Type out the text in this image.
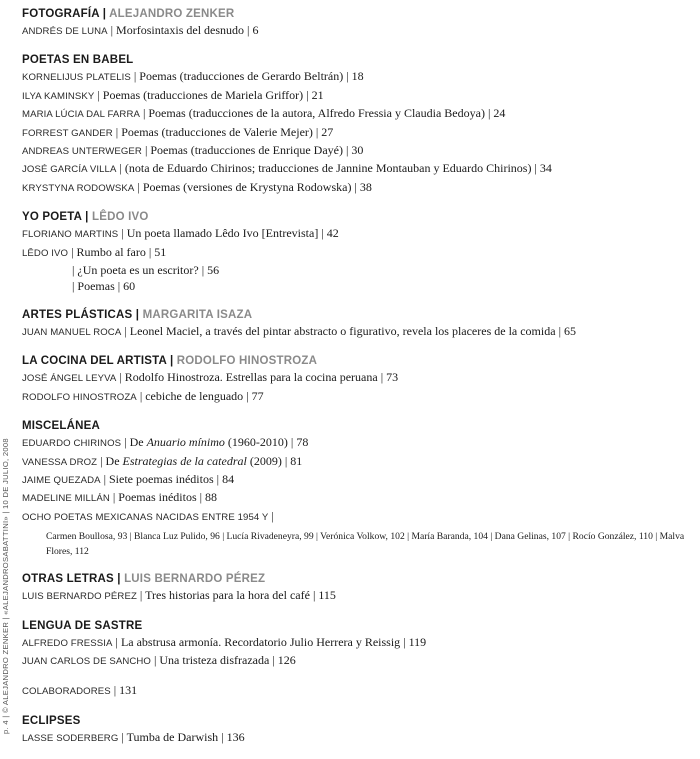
FOTOGRAFÍA | ALEJANDRO ZENKER
ANDRÉS DE LUNA | Morfosintaxis del desnudo | 6
POETAS EN BABEL
KORNELIJUS PLATELIS | Poemas (traducciones de Gerardo Beltrán) | 18
ILYA KAMINSKY | Poemas (traducciones de Mariela Griffor) | 21
MARIA LÚCIA DAL FARRA | Poemas (traducciones de la autora, Alfredo Fressia y Claudia Bedoya) | 24
FORREST GANDER | Poemas (traducciones de Valerie Mejer) | 27
ANDREAS UNTERWEGER | Poemas (traducciones de Enrique Dayé) | 30
JOSÉ GARCÍA VILLA | (nota de Eduardo Chirinos; traducciones de Jannine Montauban y Eduardo Chirinos) | 34
KRYSTYNA RODOWSKA | Poemas (versiones de Krystyna Rodowska) | 38
YO POETA | LÊDO IVO
FLORIANO MARTINS | Un poeta llamado Lêdo Ivo [Entrevista] | 42
LÊDO IVO | Rumbo al faro | 51
| ¿Un poeta es un escritor? | 56
| Poemas | 60
ARTES PLÁSTICAS | MARGARITA ISAZA
JUAN MANUEL ROCA | Leonel Maciel, a través del pintar abstracto o figurativo, revela los placeres de la comida | 65
LA COCINA DEL ARTISTA | RODOLFO HINOSTROZA
JOSÉ ÁNGEL LEYVA | Rodolfo Hinostroza. Estrellas para la cocina peruana | 73
RODOLFO HINOSTROZA | cebiche de lenguado | 77
MISCELÁNEA
EDUARDO CHIRINOS | De Anuario mínimo (1960-2010) | 78
VANESSA DROZ | De Estrategias de la catedral (2009) | 81
JAIME QUEZADA | Siete poemas inéditos | 84
MADELINE MILLÁN | Poemas inéditos | 88
OCHO POETAS MEXICANAS NACIDAS ENTRE 1954 Y |
Carmen Boullosa, 93 | Blanca Luz Pulido, 96 | Lucía Rivadeneyra, 99 | Verónica Volkow, 102 | María Baranda, 104 | Dana Gelinas, 107 | Rocío González, 110 | Malva Flores, 112
OTRAS LETRAS | LUIS BERNARDO PÉREZ
LUIS BERNARDO PÉREZ | Tres historias para la hora del café | 115
LENGUA DE SASTRE
ALFREDO FRESSIA | La abstrusa armonía. Recordatorio Julio Herrera y Reissig | 119
JUAN CARLOS DE SANCHO | Una tristeza disfrazada | 126
COLABORADORES | 131
ECLIPSES
LASSE SODERBERG | Tumba de Darwish | 136
p. 4 | © ALEJANDRO ZENKER | «ALEJANDROSABATTINI» | 10 DE JULIO, 2008
